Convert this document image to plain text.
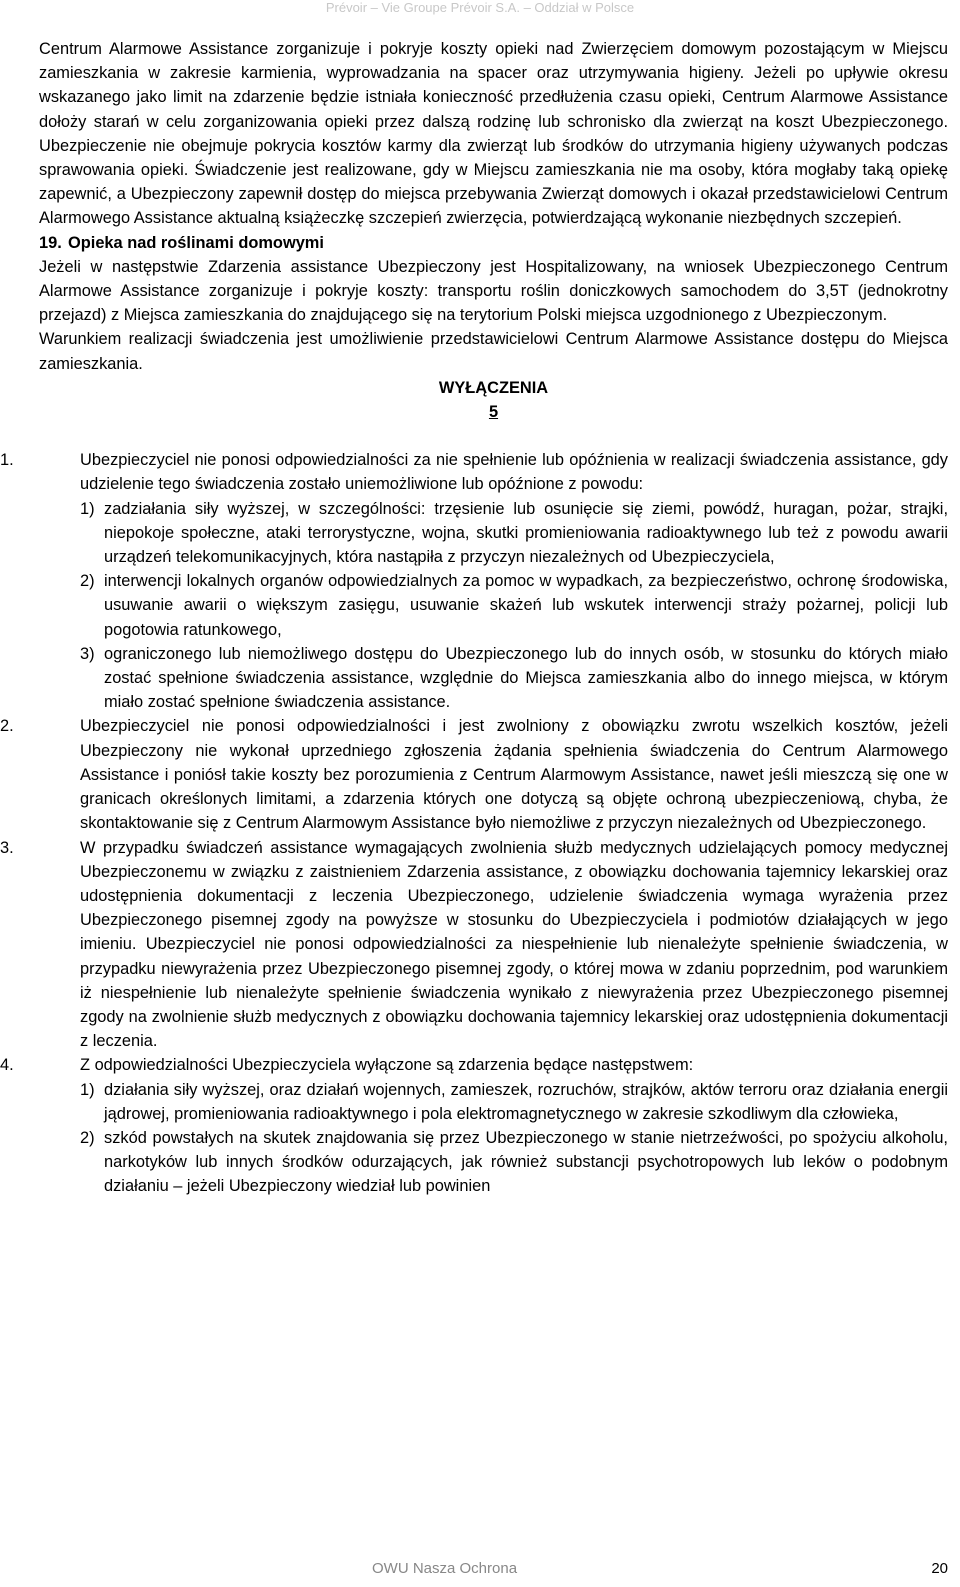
Prévoir – Vie Groupe Prévoir S.A. – Oddział w Polsce

Centrum Alarmowe Assistance zorganizuje i pokryje koszty opieki nad Zwierzęciem domowym pozostającym w Miejscu zamieszkania w zakresie karmienia, wyprowadzania na spacer oraz utrzymywania higieny. Jeżeli po upływie okresu wskazanego jako limit na zdarzenie będzie istniała konieczność przedłużenia czasu opieki, Centrum Alarmowe Assistance dołoży starań w celu zorganizowania opieki przez dalszą rodzinę lub schronisko dla zwierząt na koszt Ubezpieczonego. Ubezpieczenie nie obejmuje pokrycia kosztów karmy dla zwierząt lub środków do utrzymania higieny używanych podczas sprawowania opieki. Świadczenie jest realizowane, gdy w Miejscu zamieszkania nie ma osoby, która mogłaby taką opiekę zapewnić, a Ubezpieczony zapewnił dostęp do miejsca przebywania Zwierząt domowych i okazał przedstawicielowi Centrum Alarmowego Assistance aktualną książeczkę szczepień zwierzęcia, potwierdzającą wykonanie niezbędnych szczepień.

19. Opieka nad roślinami domowymi

Jeżeli w następstwie Zdarzenia assistance Ubezpieczony jest Hospitalizowany, na wniosek Ubezpieczonego Centrum Alarmowe Assistance zorganizuje i pokryje koszty: transportu roślin doniczkowych samochodem do 3,5T (jednokrotny przejazd) z Miejsca zamieszkania do znajdującego się na terytorium Polski miejsca uzgodnionego z Ubezpieczonym.

Warunkiem realizacji świadczenia jest umożliwienie przedstawicielowi Centrum Alarmowe Assistance dostępu do Miejsca zamieszkania.

WYŁĄCZENIA

5

1.	Ubezpieczyciel nie ponosi odpowiedzialności za nie spełnienie lub opóźnienia w realizacji świadczenia assistance, gdy udzielenie tego świadczenia zostało uniemożliwione lub opóźnione z powodu:
1) zadziałania siły wyższej, w szczególności: trzęsienie lub osunięcie się ziemi, powódź, huragan, pożar, strajki, niepokoje społeczne, ataki terrorystyczne, wojna, skutki promieniowania radioaktywnego lub też z powodu awarii urządzeń telekomunikacyjnych, która nastąpiła z przyczyn niezależnych od Ubezpieczyciela,
2) interwencji lokalnych organów odpowiedzialnych za pomoc w wypadkach, za bezpieczeństwo, ochronę środowiska, usuwanie awarii o większym zasięgu, usuwanie skażeń lub wskutek interwencji straży pożarnej, policji lub pogotowia ratunkowego,
3) ograniczonego lub niemożliwego dostępu do Ubezpieczonego lub do innych osób, w stosunku do których miało zostać spełnione świadczenia assistance, względnie do Miejsca zamieszkania albo do innego miejsca, w którym miało zostać spełnione świadczenia assistance.
2.	Ubezpieczyciel nie ponosi odpowiedzialności i jest zwolniony z obowiązku zwrotu wszelkich kosztów, jeżeli Ubezpieczony nie wykonał uprzedniego zgłoszenia żądania spełnienia świadczenia do Centrum Alarmowego Assistance i poniósł takie koszty bez porozumienia z Centrum Alarmowym Assistance, nawet jeśli mieszczą się one w granicach określonych limitami, a zdarzenia których one dotyczą są objęte ochroną ubezpieczeniową, chyba, że skontaktowanie się z Centrum Alarmowym Assistance było niemożliwe z przyczyn niezależnych od Ubezpieczonego.
3.	W przypadku świadczeń assistance wymagających zwolnienia służb medycznych udzielających pomocy medycznej Ubezpieczonemu w związku z zaistnieniem Zdarzenia assistance, z obowiązku dochowania tajemnicy lekarskiej oraz udostępnienia dokumentacji z leczenia Ubezpieczonego, udzielenie świadczenia wymaga wyrażenia przez Ubezpieczonego pisemnej zgody na powyższe w stosunku do Ubezpieczyciela i podmiotów działających w jego imieniu. Ubezpieczyciel nie ponosi odpowiedzialności za niespełnienie lub nienależyte spełnienie świadczenia, w przypadku niewyrażenia przez Ubezpieczonego pisemnej zgody, o której mowa w zdaniu poprzednim, pod warunkiem iż niespełnienie lub nienależyte spełnienie świadczenia wynikało z niewyrażenia przez Ubezpieczonego pisemnej zgody na zwolnienie służb medycznych z obowiązku dochowania tajemnicy lekarskiej oraz udostępnienia dokumentacji z leczenia.
4.	Z odpowiedzialności Ubezpieczyciela wyłączone są zdarzenia będące następstwem:
1) działania siły wyższej, oraz działań wojennych, zamieszek, rozruchów, strajków, aktów terroru oraz działania energii jądrowej, promieniowania radioaktywnego i pola elektromagnetycznego w zakresie szkodliwym dla człowieka,
2) szkód powstałych na skutek znajdowania się przez Ubezpieczonego w stanie nietrzeźwości, po spożyciu alkoholu, narkotyków lub innych środków odurzających, jak również substancji psychotropowych lub leków o podobnym działaniu – jeżeli Ubezpieczony wiedział lub powinien
OWU Nasza Ochrona	20
